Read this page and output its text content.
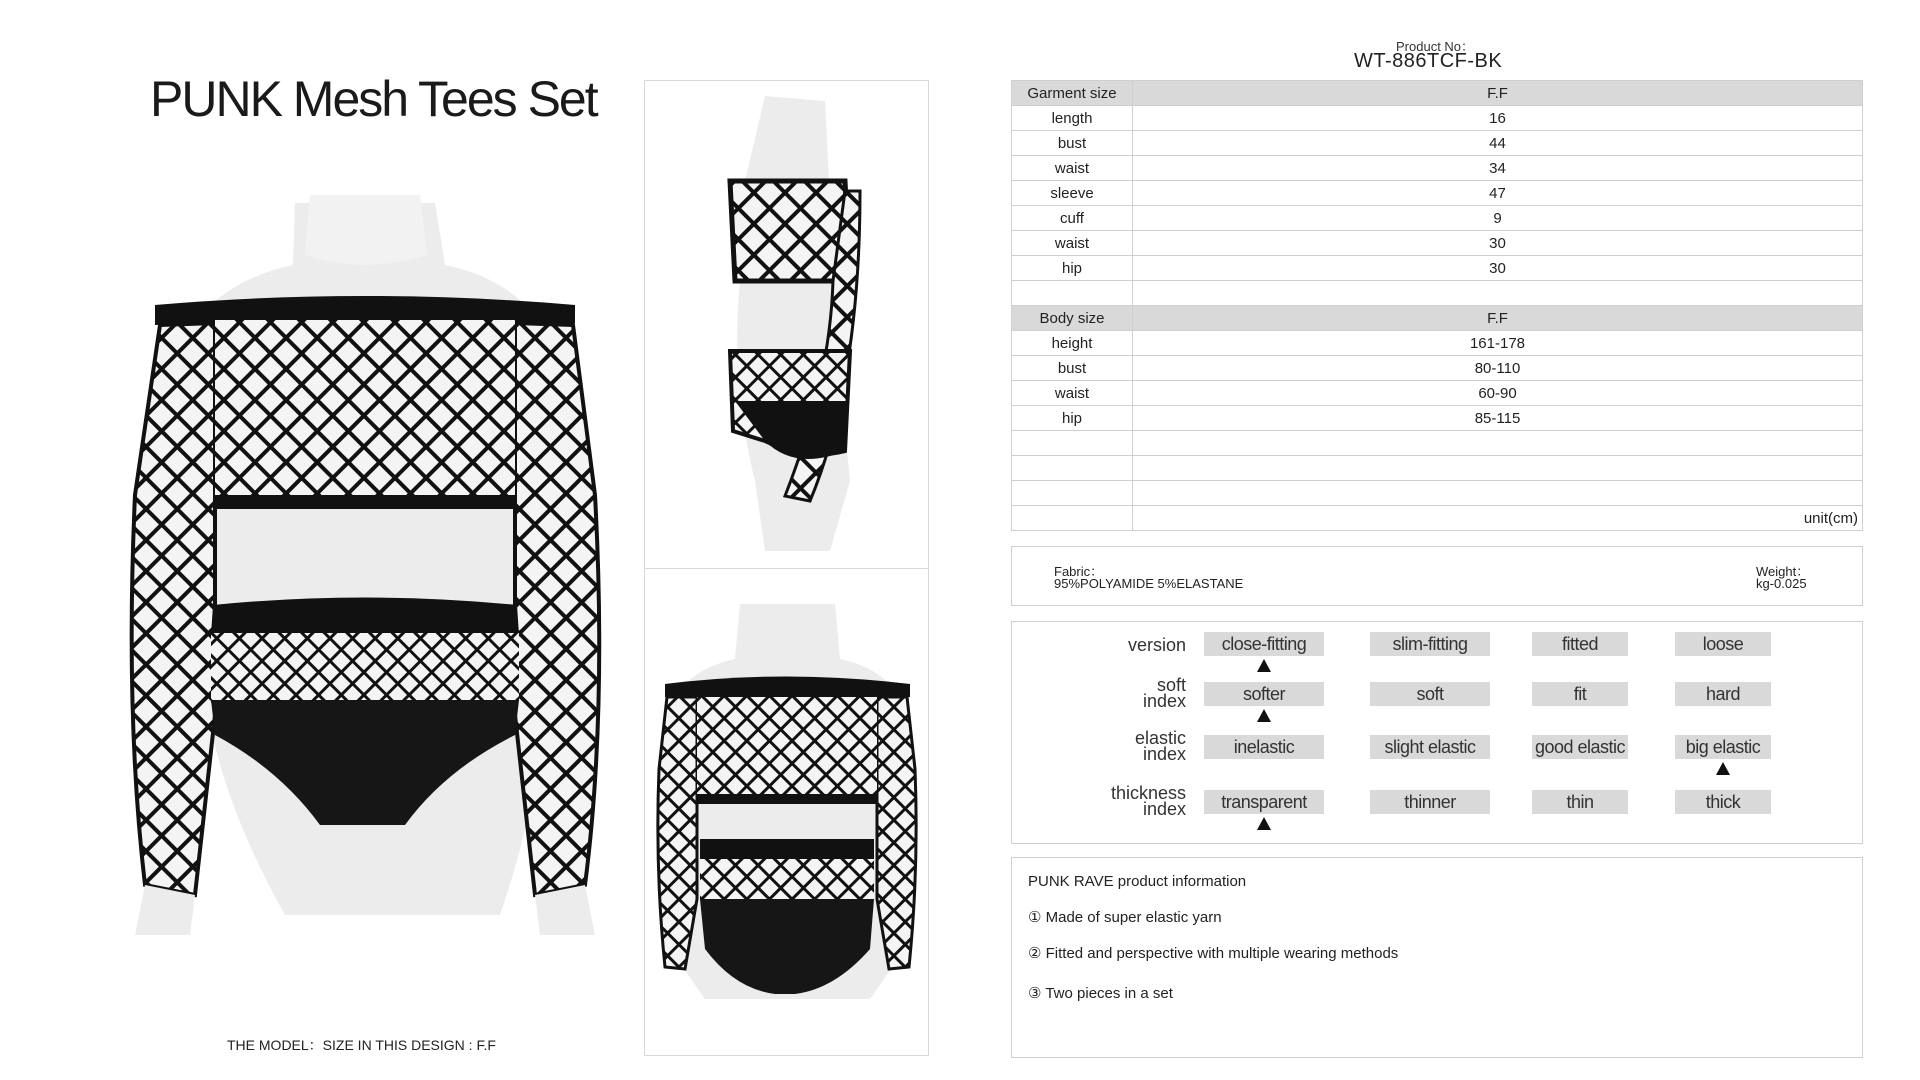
PUNK Mesh Tees Set
THE MODEL：SIZE IN THIS DESIGN : F.F
Product No：
WT-886TCF-BK
Garment size	F.F
length	16
bust	44
waist	34
sleeve	47
cuff	9
waist	30
hip	30

Body size	F.F
height	161-178
bust	80-110
waist	60-90
hip	85-115

	unit(cm)
Fabric：
95%POLYAMIDE 5%ELASTANE
Weight：
kg-0.025
version	close-fitting	slim-fitting	fitted	loose
soft
index	softer	soft	fit	hard
elastic
index	inelastic	slight elastic	good elastic	big elastic
thickness
index	transparent	thinner	thin	thick
PUNK RAVE product information
① Made of super elastic yarn
② Fitted and perspective with multiple wearing methods
③ Two pieces in a set
